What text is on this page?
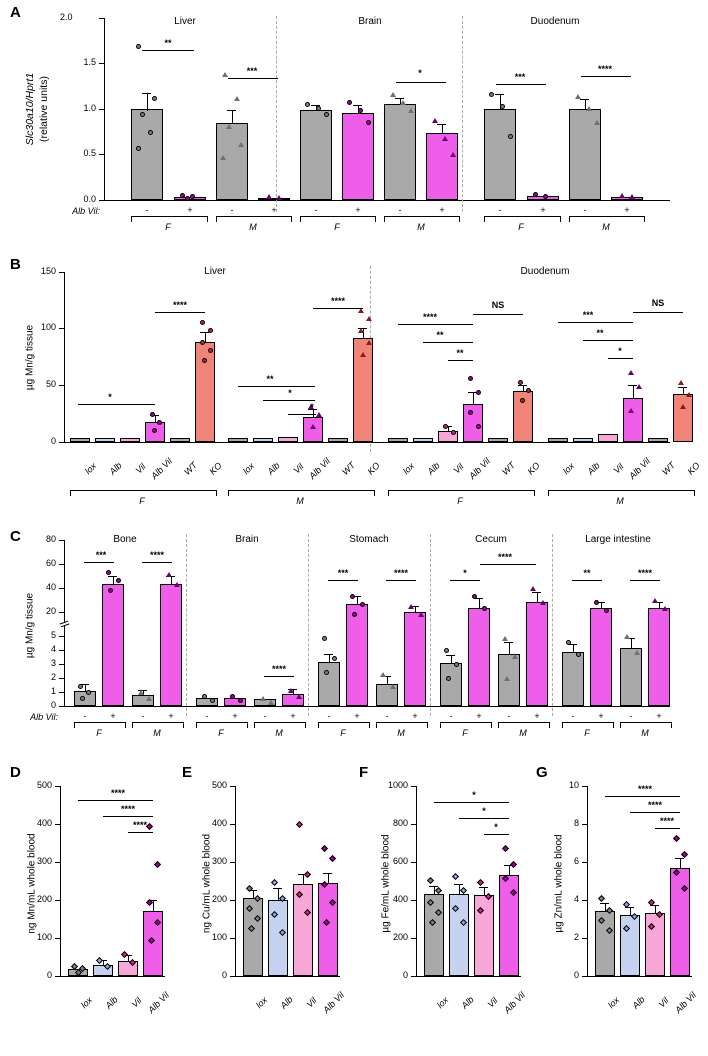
A
0.0
0.5
1.0
1.5
2.0
Slc30a10/Hprt1 (relative units)
Liver	Brain	Duodenum
**
***	*	***
****
Alb Vil:	-	+	-	+	-	+	-	+	-	+	-	+
F	M	F	M	F	M
B
0
50
100
150
µg Mn/g tissue
Liver	Duodenum
*
****
**
*
*
****
****
**
**
NS
***
**
*
NS
lox	Alb	Vil Alb Vil WT KO	lox	Alb	Vil Alb Vil WT KO	lox	Alb	Vil Alb Vil WT KO	lox	Alb	Vil Alb Vil WT KO
F	M	F	M
C
0
1
2
3
4
5
20
40
60
80
µg Mn/g tissue
Bone	Brain	Stomach	Cecum	Large intestine
***	****
****
***	****	*
****
**	****
Alb Vil:	-	+	-	+	-	+	-	+	-	+	-	+	-	+	-	+	-	+	-	+
F	M	F	M	F	M	F	M	F	M
D
0
100
200
300
400
500
ng Mn/mL whole blood
****
****
****
lox	Alb	Vil Alb Vil
E
0
100
200
300
400
500
ng Cu/mL whole blood
lox	Alb	Vil Alb Vil
F
0
200
400
600
800
1000
µg Fe/mL whole blood
*
*
*
lox	Alb	Vil Alb Vil
G
0
2
4
6
8
10
µg Zn/mL whole blood
****
****
****
lox	Alb	Vil Alb Vil
